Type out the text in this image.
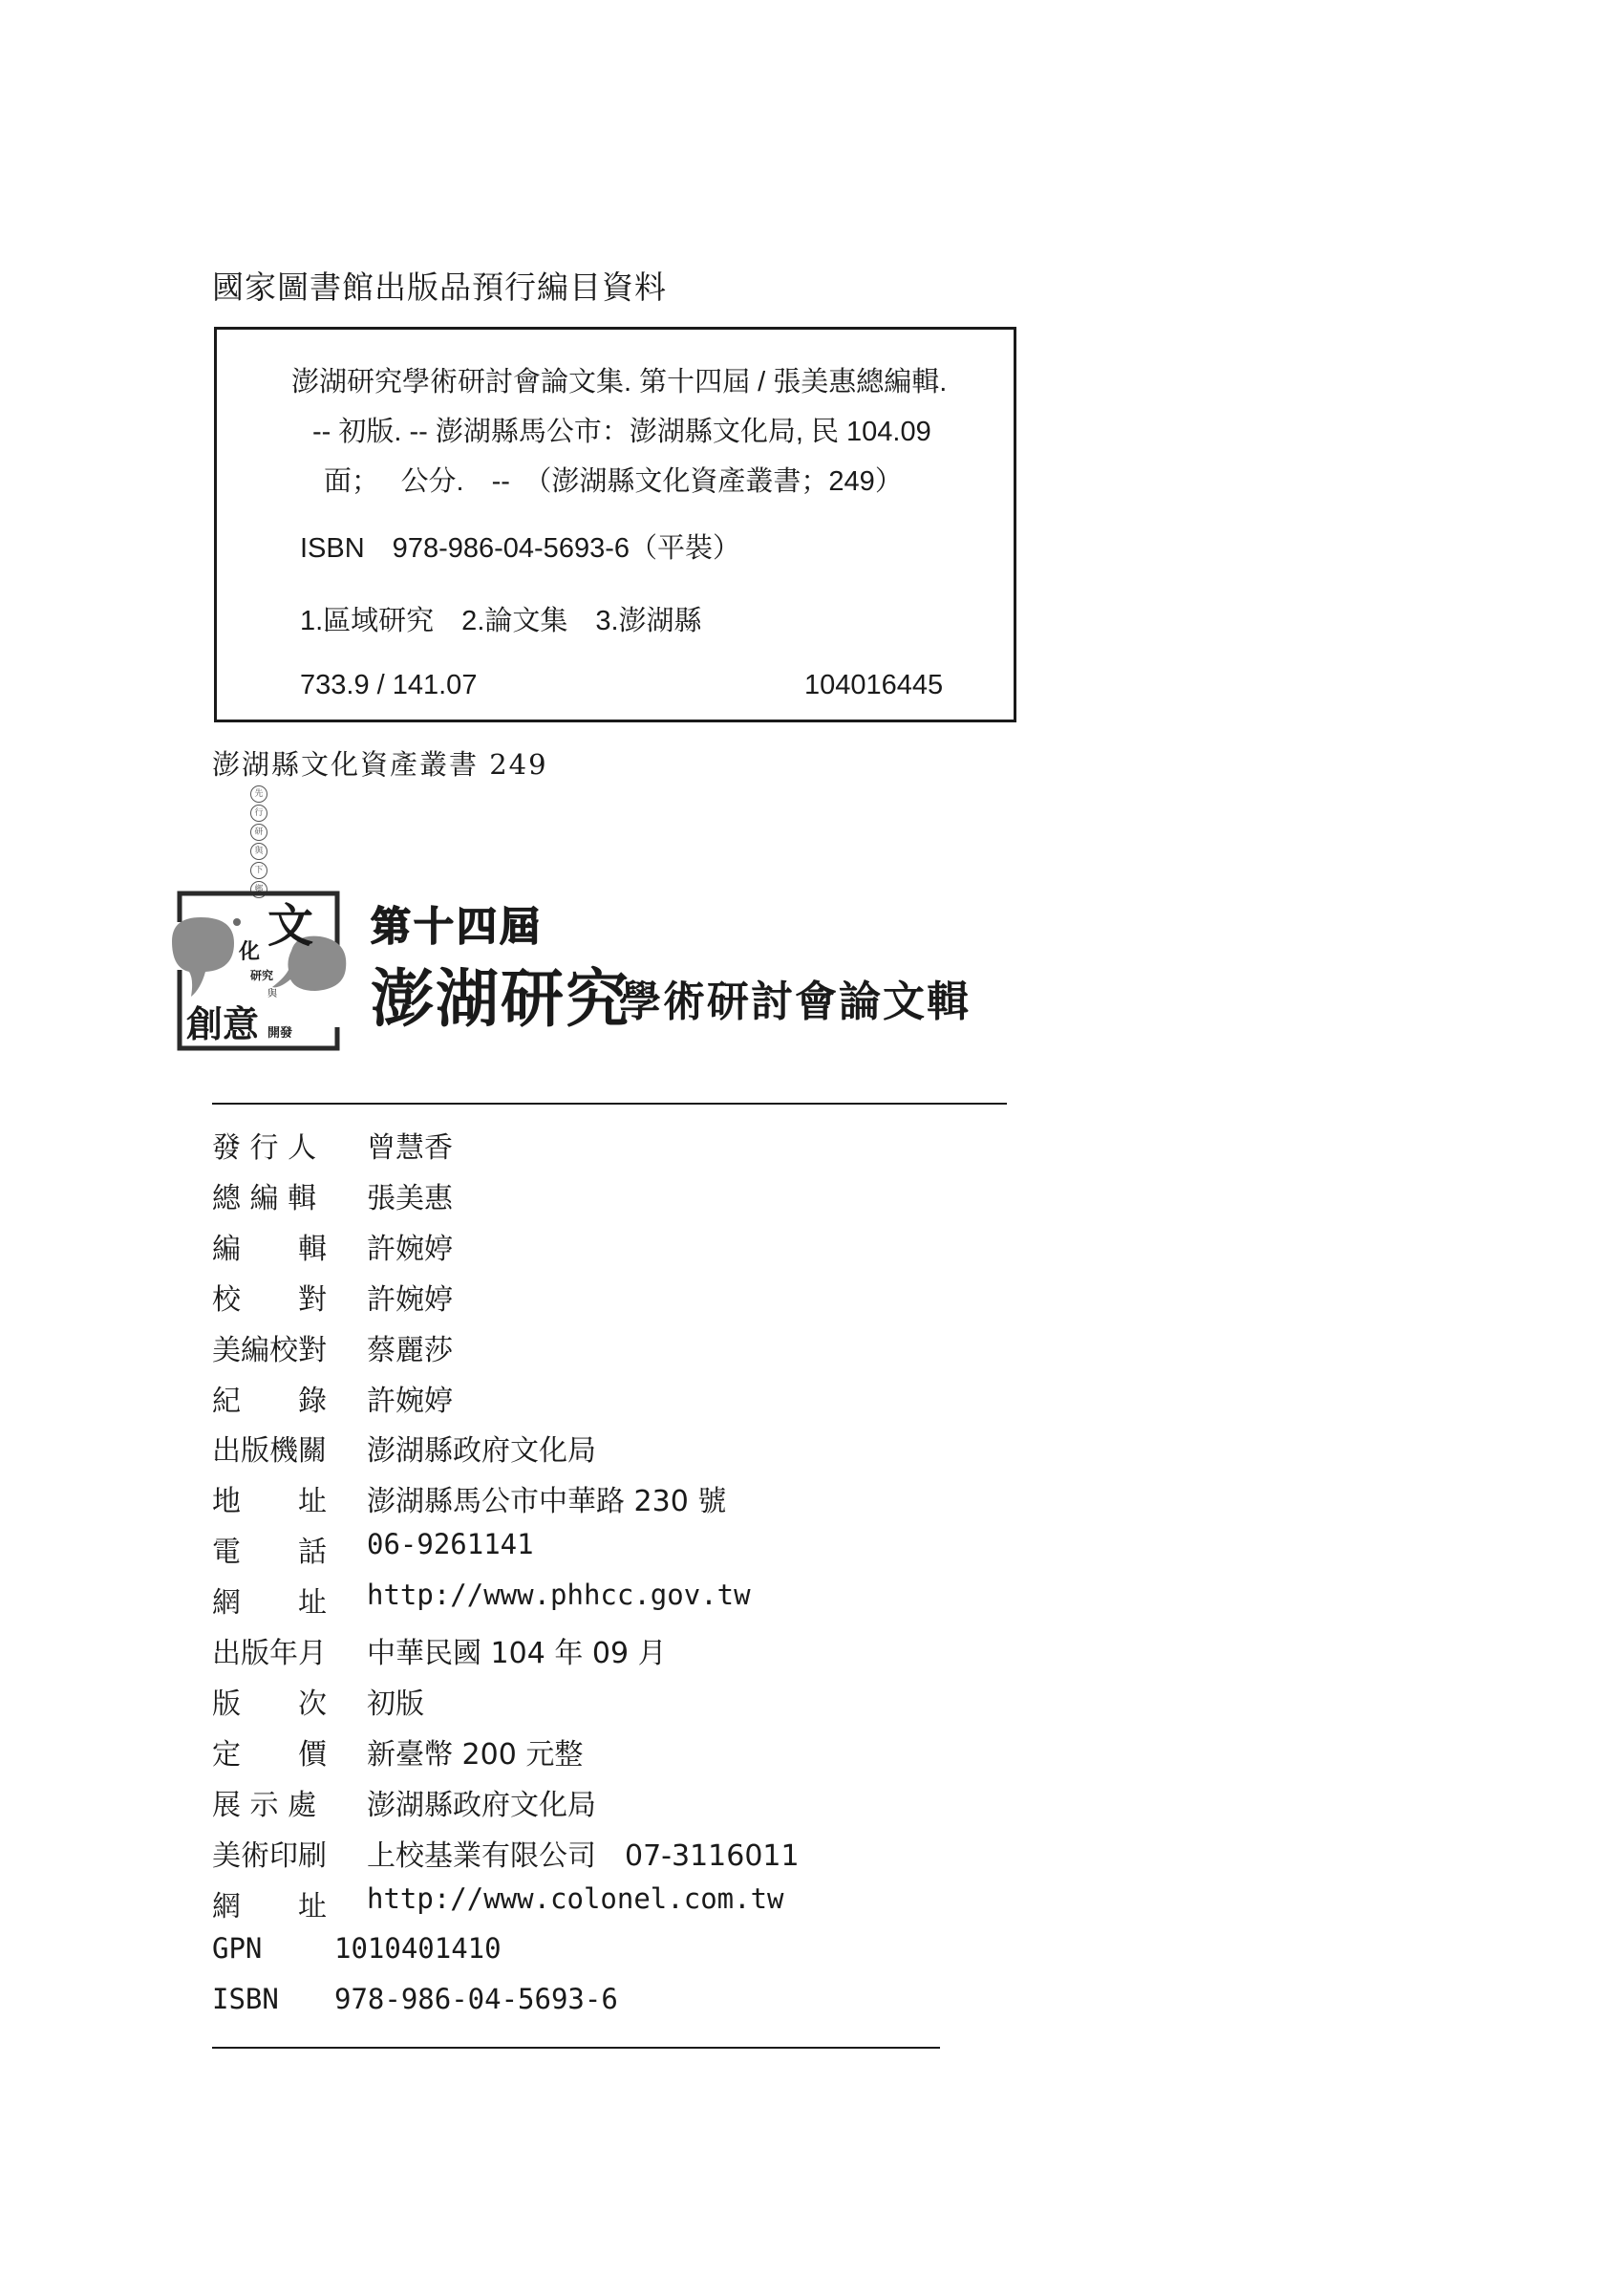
國家圖書館出版品預行編目資料
澎湖研究學術研討會論文集. 第十四屆 / 張美惠總編輯.
-- 初版. -- 澎湖縣馬公市：澎湖縣文化局, 民 104.09
面；　 公分.　--　（澎湖縣文化資產叢書；249）
ISBN　978-986-04-5693-6（平裝）
1.區域研究　2.論文集　3.澎湖縣
733.9 / 141.07	104016445
澎湖縣文化資產叢書 249
先
行
研
與
下
鄉
文
化
研究
與
創意 開發
第十四屆
澎湖研究
學術研討會論文輯
發 行 人 曾慧香
總 編 輯 張美惠
編　　輯 許婉婷
校　　對 許婉婷
美編校對 蔡麗莎
紀　　錄 許婉婷
出版機關 澎湖縣政府文化局
地　　址 澎湖縣馬公市中華路 230 號
電　　話 06-9261141
網　　址 http://www.phhcc.gov.tw
出版年月 中華民國 104 年 09 月
版　　次 初版
定　　價 新臺幣 200 元整
展 示 處 澎湖縣政府文化局
美術印刷 上校基業有限公司　07-3116011
網　　址 http://www.colonel.com.tw
GPN	1010401410
ISBN 978-986-04-5693-6
